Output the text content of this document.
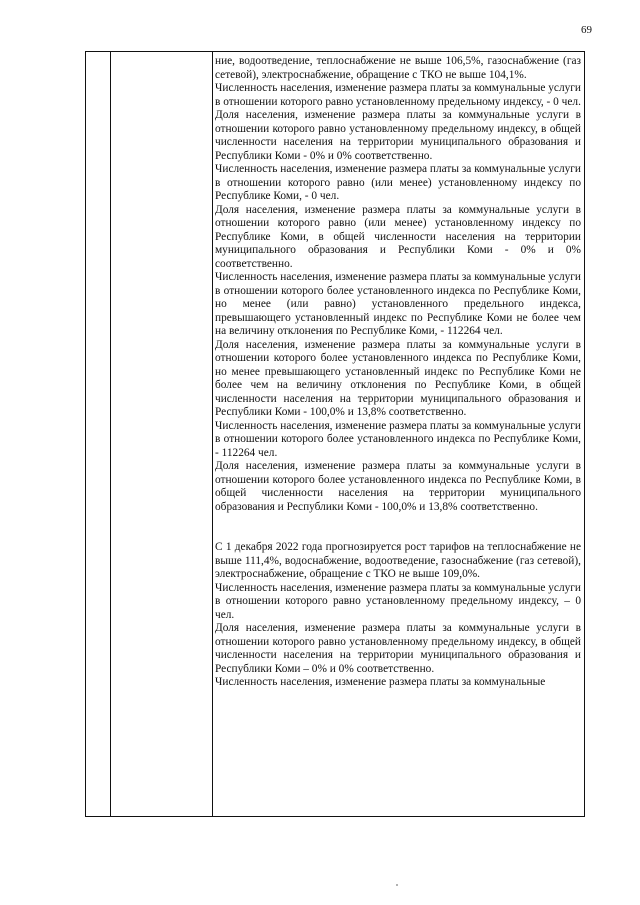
69

ние, водоотведение, теплоснабжение не выше 106,5%, газоснабжение (газ сетевой), электроснабжение, обращение с ТКО не выше 104,1%.

Численность населения, изменение размера платы за коммунальные услуги в отношении которого равно установленному предельному индексу, - 0 чел.

Доля населения, изменение размера платы за коммунальные услуги в отношении которого равно установленному предельному индексу, в общей численности населения на территории муниципального образования и Республики Коми - 0% и 0% соответственно.

Численность населения, изменение размера платы за коммунальные услуги в отношении которого равно (или менее) установленному индексу по Республике Коми, - 0 чел.

Доля населения, изменение размера платы за коммунальные услуги в отношении которого равно (или менее) установленному индексу по Республике Коми, в общей численности населения на территории муниципального образования и Республики Коми - 0% и 0% соответственно.

Численность населения, изменение размера платы за коммунальные услуги в отношении которого более установленного индекса по Республике Коми, но менее (или равно) установленного предельного индекса, превышающего установленный индекс по Республике Коми не более чем на величину отклонения по Республике Коми, - 112264 чел.

Доля населения, изменение размера платы за коммунальные услуги в отношении которого более установленного индекса по Республике Коми, но менее превышающего установленный индекс по Республике Коми не более чем на величину отклонения по Республике Коми, в общей численности населения на территории муниципального образования и Республики Коми - 100,0% и 13,8% соответственно.

Численность населения, изменение размера платы за коммунальные услуги в отношении которого более установленного индекса по Республике Коми, - 112264 чел.

Доля населения, изменение размера платы за коммунальные услуги в отношении которого более установленного индекса по Республике Коми, в общей численности населения на территории муниципального образования и Республики Коми - 100,0% и 13,8% соответственно.

С 1 декабря 2022 года прогнозируется рост тарифов на теплоснабжение не выше 111,4%, водоснабжение, водоотведение, газоснабжение (газ сетевой), электроснабжение, обращение с ТКО не выше 109,0%.

Численность населения, изменение размера платы за коммунальные услуги в отношении которого равно установленному предельному индексу, – 0 чел.

Доля населения, изменение размера платы за коммунальные услуги в отношении которого равно установленному предельному индексу, в общей численности населения на территории муниципального образования и Республики Коми – 0% и 0% соответственно.

Численность населения, изменение размера платы за коммунальные
